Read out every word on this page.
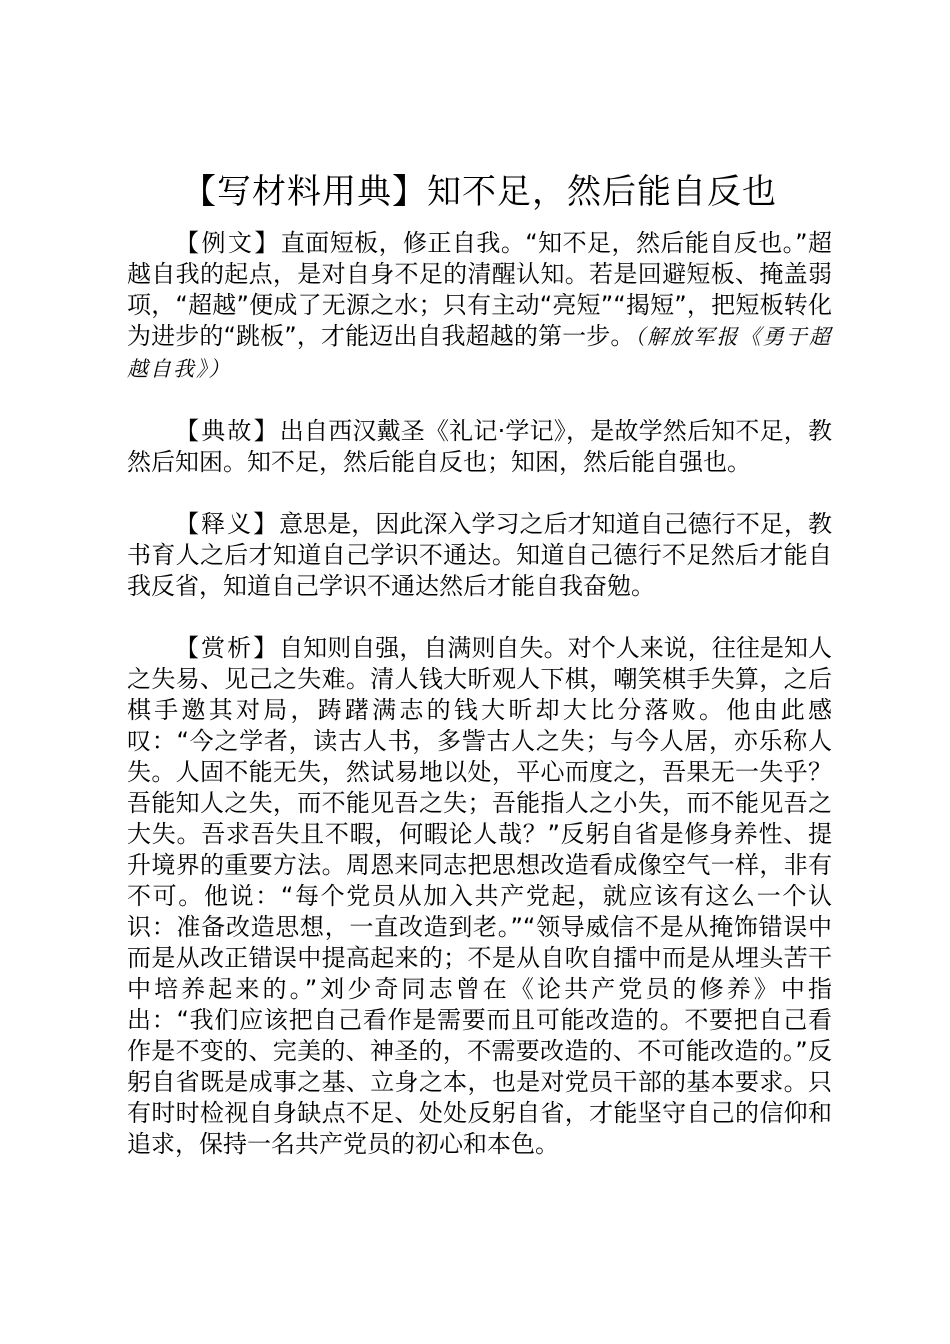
【写材料用典】知不足，然后能自反也

【例文】直面短板，修正自我。“知不足，然后能自反也。”超越自我的起点，是对自身不足的清醒认知。若是回避短板、掩盖弱项，“超越”便成了无源之水；只有主动“亮短”“揭短”，把短板转化为进步的“跳板”，才能迈出自我超越的第一步。（解放军报《勇于超越自我》）

【典故】出自西汉戴圣《礼记·学记》，是故学然后知不足，教然后知困。知不足，然后能自反也；知困，然后能自强也。

【释义】意思是，因此深入学习之后才知道自己德行不足，教书育人之后才知道自己学识不通达。知道自己德行不足然后才能自我反省，知道自己学识不通达然后才能自我奋勉。

【赏析】自知则自强，自满则自失。对个人来说，往往是知人之失易、见己之失难。清人钱大昕观人下棋，嘲笑棋手失算，之后棋手邀其对局，踌躇满志的钱大昕却大比分落败。他由此感叹：“今之学者，读古人书，多訾古人之失；与今人居，亦乐称人失。人固不能无失，然试易地以处，平心而度之，吾果无一失乎？吾能知人之失，而不能见吾之失；吾能指人之小失，而不能见吾之大失。吾求吾失且不暇，何暇论人哉？”反躬自省是修身养性、提升境界的重要方法。周恩来同志把思想改造看成像空气一样，非有不可。他说：“每个党员从加入共产党起，就应该有这么一个认识：准备改造思想，一直改造到老。”“领导威信不是从掩饰错误中而是从改正错误中提高起来的；不是从自吹自擂中而是从埋头苦干中培养起来的。”刘少奇同志曾在《论共产党员的修养》中指出：“我们应该把自己看作是需要而且可能改造的。不要把自己看作是不变的、完美的、神圣的，不需要改造的、不可能改造的。”反躬自省既是成事之基、立身之本，也是对党员干部的基本要求。只有时时检视自身缺点不足、处处反躬自省，才能坚守自己的信仰和追求，保持一名共产党员的初心和本色。
